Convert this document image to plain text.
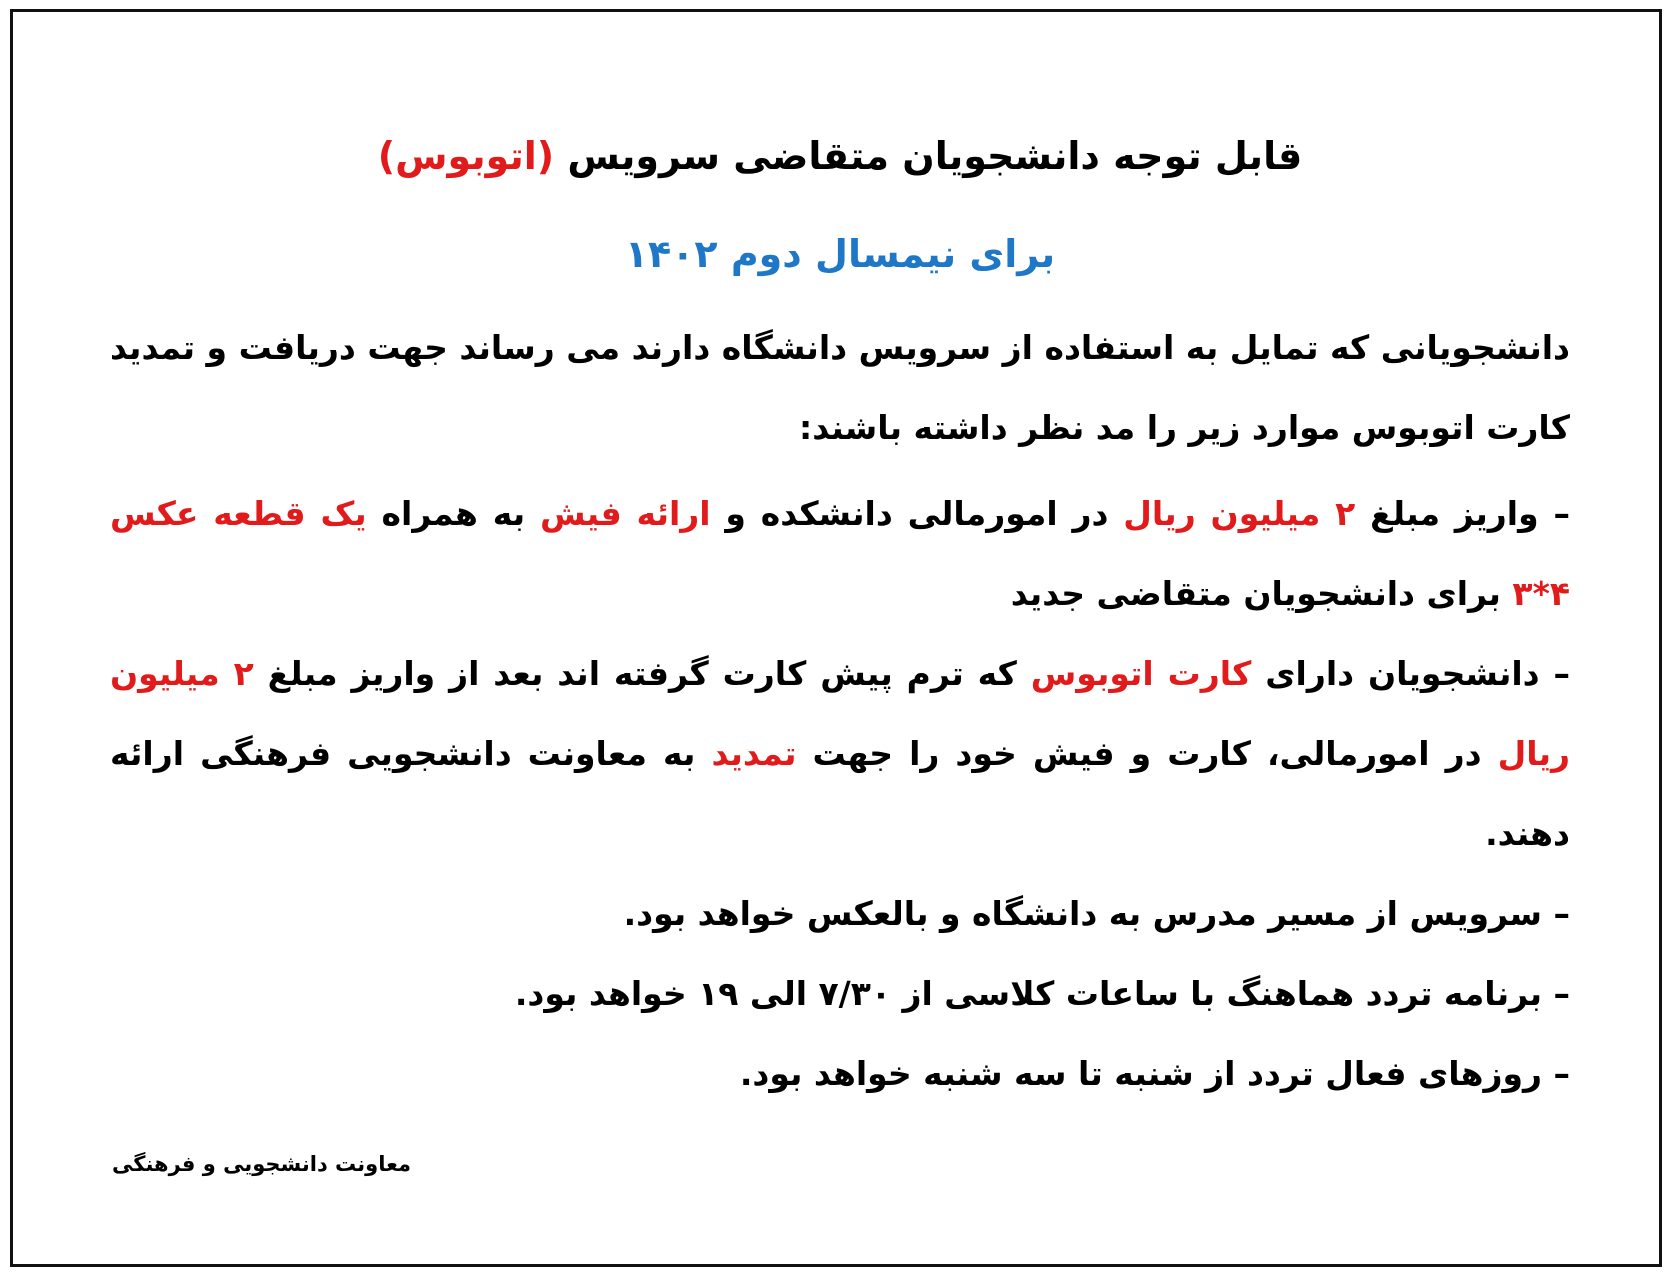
قابل توجه دانشجویان متقاضی سرویس (اتوبوس)

برای نیمسال دوم ۱۴۰۲

دانشجویانی که تمایل به استفاده از سرویس دانشگاه دارند می رساند جهت دریافت و تمدید کارت اتوبوس موارد زیر را مد نظر داشته باشند:

– واریز مبلغ ۲ میلیون ریال در امورمالی دانشکده و ارائه فیش به همراه یک قطعه عکس ۴*۳ برای دانشجویان متقاضی جدید

– دانشجویان دارای کارت اتوبوس که ترم پیش کارت گرفته اند بعد از واریز مبلغ ۲ میلیون ریال در امورمالی، کارت و فیش خود را جهت تمدید به معاونت دانشجویی فرهنگی ارائه دهند.

– سرویس از مسیر مدرس به دانشگاه و بالعکس خواهد بود.

– برنامه تردد هماهنگ با ساعات کلاسی از ۷/۳۰ الی ۱۹ خواهد بود.

– روزهای فعال تردد از شنبه تا سه شنبه خواهد بود.

معاونت دانشجویی و فرهنگی
